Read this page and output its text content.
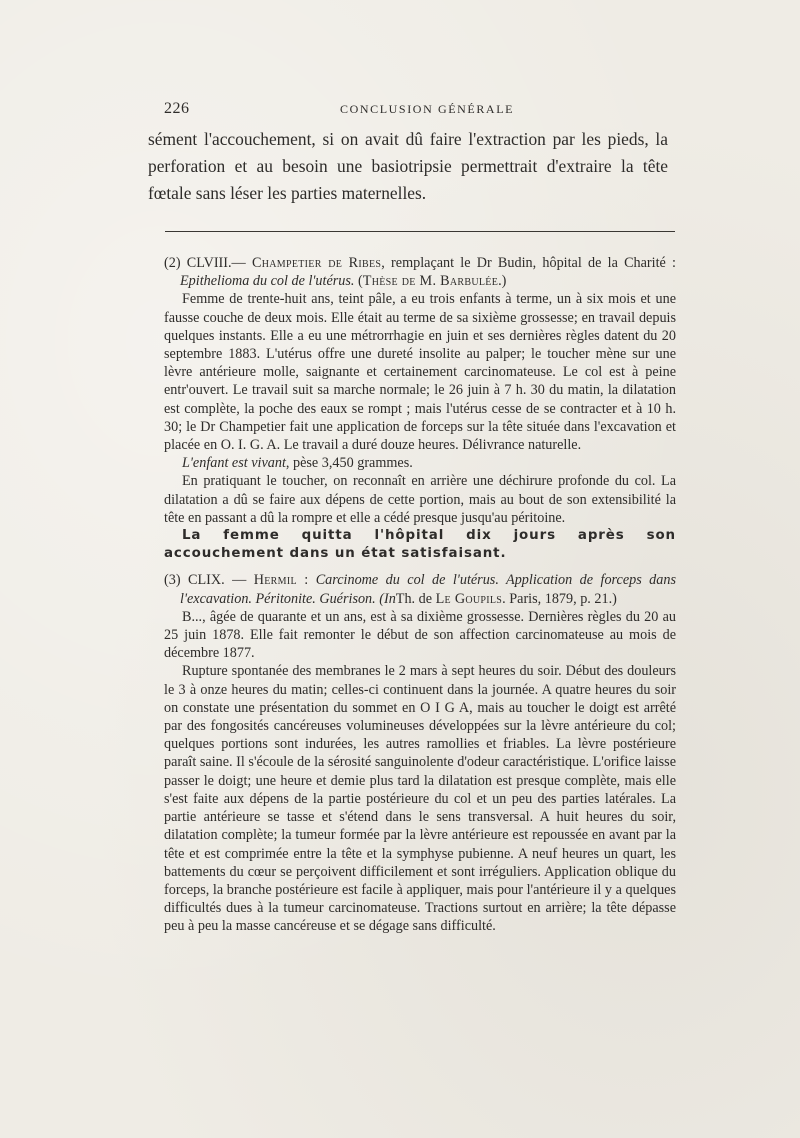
226	CONCLUSION GÉNÉRALE

sément l'accouchement, si on avait dû faire l'extraction par les pieds, la perforation et au besoin une basiotripsie permettrait d'extraire la tête fœtale sans léser les parties maternelles.

(2) CLVIII.— Champetier de Ribes, remplaçant le Dr Budin, hôpital de la Charité : Epithelioma du col de l'utérus. (Thèse de M. Barbulée.)

Femme de trente-huit ans, teint pâle, a eu trois enfants à terme, un à six mois et une fausse couche de deux mois. Elle était au terme de sa sixième grossesse; en travail depuis quelques instants. Elle a eu une métrorrhagie en juin et ses dernières règles datent du 20 septembre 1883. L'utérus offre une dureté insolite au palper; le toucher mène sur une lèvre antérieure molle, saignante et certainement carcinomateuse. Le col est à peine entr'ouvert. Le travail suit sa marche normale; le 26 juin à 7 h. 30 du matin, la dilatation est complète, la poche des eaux se rompt ; mais l'utérus cesse de se contracter et à 10 h. 30; le Dr Champetier fait une application de forceps sur la tête située dans l'excavation et placée en O. I. G. A. Le travail a duré douze heures. Délivrance naturelle.

L'enfant est vivant, pèse 3,450 grammes.

En pratiquant le toucher, on reconnaît en arrière une déchirure profonde du col. La dilatation a dû se faire aux dépens de cette portion, mais au bout de son extensibilité la tête en passant a dû la rompre et elle a cédé presque jusqu'au péritoine.

La femme quitta l'hôpital dix jours après son accouchement dans un état satisfaisant.

(3) CLIX. — Hermil : Carcinome du col de l'utérus. Application de forceps dans l'excavation. Péritonite. Guérison. (InTh. de Le Goupils. Paris, 1879, p. 21.)

B..., âgée de quarante et un ans, est à sa dixième grossesse. Dernières règles du 20 au 25 juin 1878. Elle fait remonter le début de son affection carcinomateuse au mois de décembre 1877.

Rupture spontanée des membranes le 2 mars à sept heures du soir. Début des douleurs le 3 à onze heures du matin; celles-ci continuent dans la journée. A quatre heures du soir on constate une présentation du sommet en O I G A, mais au toucher le doigt est arrêté par des fongosités cancéreuses volumineuses développées sur la lèvre antérieure du col; quelques portions sont indurées, les autres ramollies et friables. La lèvre postérieure paraît saine. Il s'écoule de la sérosité sanguinolente d'odeur caractéristique. L'orifice laisse passer le doigt; une heure et demie plus tard la dilatation est presque complète, mais elle s'est faite aux dépens de la partie postérieure du col et un peu des parties latérales. La partie antérieure se tasse et s'étend dans le sens transversal. A huit heures du soir, dilatation complète; la tumeur formée par la lèvre antérieure est repoussée en avant par la tête et est comprimée entre la tête et la symphyse pubienne. A neuf heures un quart, les battements du cœur se perçoivent difficilement et sont irréguliers. Application oblique du forceps, la branche postérieure est facile à appliquer, mais pour l'antérieure il y a quelques difficultés dues à la tumeur carcinomateuse. Tractions surtout en arrière; la tête dépasse peu à peu la masse cancéreuse et se dégage sans difficulté.
